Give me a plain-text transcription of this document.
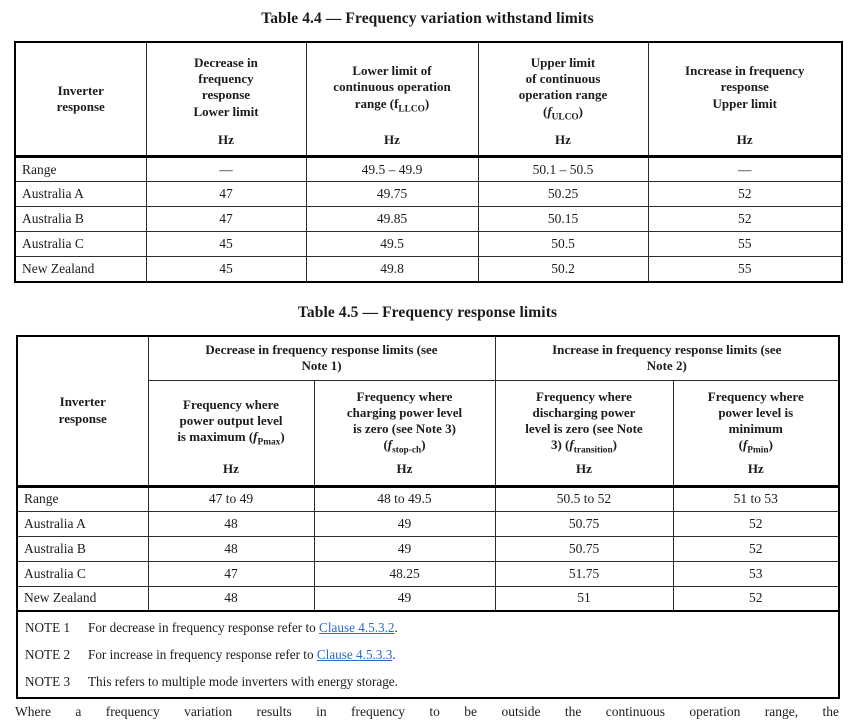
Table 4.4 — Frequency variation withstand limits
Inverter
response

Decrease in
frequency
response
Lower limit
Hz

Lower limit of
continuous operation
range $(f_{LLCO})$
Hz

Upper limit
of continuous
operation range
$(f_{ULCO})$
Hz

Increase in frequency
response
Upper limit
Hz

Range	—	49.5 – 49.9	50.1 – 50.5	—
Australia A	47	49.75	50.25	52
Australia B	47	49.85	50.15	52
Australia C	45	49.5	50.5	55
New Zealand	45	49.8	50.2	55
Table 4.5 — Frequency response limits
Inverter
response	Decrease in frequency response limits (see
Note 1)		Increase in frequency response limits (see
Note 2)	

Frequency where
power output level
is maximum $(f_{Pmax})$
Hz

Frequency where
charging power level
is zero (see Note 3)
$(f_{stop-ch})$
Hz

Frequency where
discharging power
level is zero (see Note
3) $(f_{transition})$
Hz

Frequency where
power level is
minimum
$(f_{Pmin})$
Hz

Range	47 to 49	48 to 49.5	50.5 to 52	51 to 53
Australia A	48	49	50.75	52
Australia B	48	49	50.75	52
Australia C	47	48.25	51.75	53
New Zealand	48	49	51	52

NOTE 1	For decrease in frequency response refer to Clause 4.5.3.2.
NOTE 2	For increase in frequency response refer to Clause 4.5.3.3.
NOTE 3	This refers to multiple mode inverters with energy storage.
Where a frequency variation results in frequency to be outside the continuous operation range, the
